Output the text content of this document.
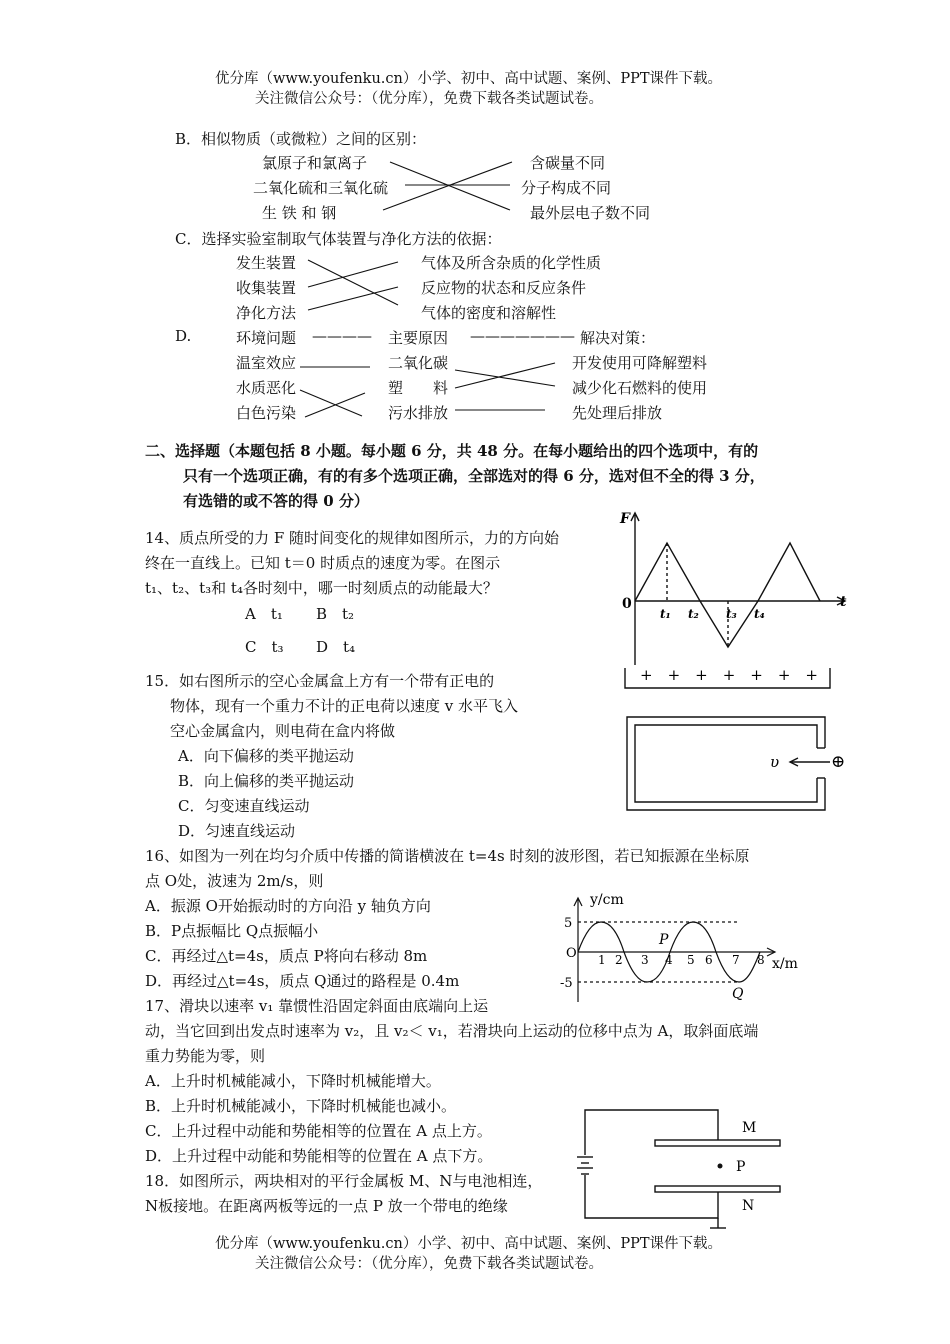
优分库（www.youfenku.cn）小学、初中、高中试题、案例、PPT课件下载。
关注微信公众号：（优分库），免费下载各类试题试卷。
B．相似物质（或微粒）之间的区别：
氯原子和氯离子
二氧化硫和三氧化硫
生 铁 和 钢
含碳量不同
分子构成不同
最外层电子数不同
C．选择实验室制取气体装置与净化方法的依据：
发生装置
收集装置
净化方法
气体及所含杂质的化学性质
反应物的状态和反应条件
气体的密度和溶解性
D.	环境问题 ———— 主要原因 ——————— 解决对策：
温室效应
水质恶化
白色污染
二氧化碳
塑　　料
污水排放
开发使用可降解塑料
减少化石燃料的使用
先处理后排放
二、选择题（本题包括 8 小题。每小题 6 分，共 48 分。在每小题给出的四个选项中，有的
只有一个选项正确，有的有多个选项正确，全部选对的得 6 分，选对但不全的得 3 分，
有选错的或不答的得 0 分）
14、质点所受的力 F 随时间变化的规律如图所示，力的方向始
终在一直线上。已知 t＝0 时质点的速度为零。在图示
t₁、t₂、t₃和 t₄各时刻中，哪一时刻质点的动能最大？
A　t₁ B　t₂
C　t₃ D　t₄
F
t
0
t₁ t₂ t₃ t₄
15．如右图所示的空心金属盒上方有一个带有正电的
物体，现有一个重力不计的正电荷以速度 v 水平飞入
空心金属盒内，则电荷在盒内将做
A．向下偏移的类平抛运动
B．向上偏移的类平抛运动
C．匀变速直线运动
D．匀速直线运动
+　+　+　+　+　+　+
υ	⊕
16、如图为一列在均匀介质中传播的简谐横波在 t=4s 时刻的波形图，若已知振源在坐标原
点 O处，波速为 2m/s，则
A．振源 O开始振动时的方向沿 y 轴负方向
B．P点振幅比 Q点振幅小
C．再经过△t=4s，质点 P将向右移动 8m
D．再经过△t=4s，质点 Q通过的路程是 0.4m
y/cm
x/m
O
5
-5
1 2 3 4 5 6 7 8
P
Q
17、滑块以速率 v₁ 靠惯性沿固定斜面由底端向上运
动，当它回到出发点时速率为 v₂，且 v₂＜ v₁，若滑块向上运动的位移中点为 A，取斜面底端
重力势能为零，则
A．上升时机械能减小，下降时机械能增大。
B．上升时机械能减小，下降时机械能也减小。
C．上升过程中动能和势能相等的位置在 A 点上方。
D．上升过程中动能和势能相等的位置在 A 点下方。
18．如图所示，两块相对的平行金属板 M、N与电池相连，
N板接地。在距离两板等远的一点 P 放一个带电的绝缘
M
P
N
优分库（www.youfenku.cn）小学、初中、高中试题、案例、PPT课件下载。
关注微信公众号：（优分库），免费下载各类试题试卷。
